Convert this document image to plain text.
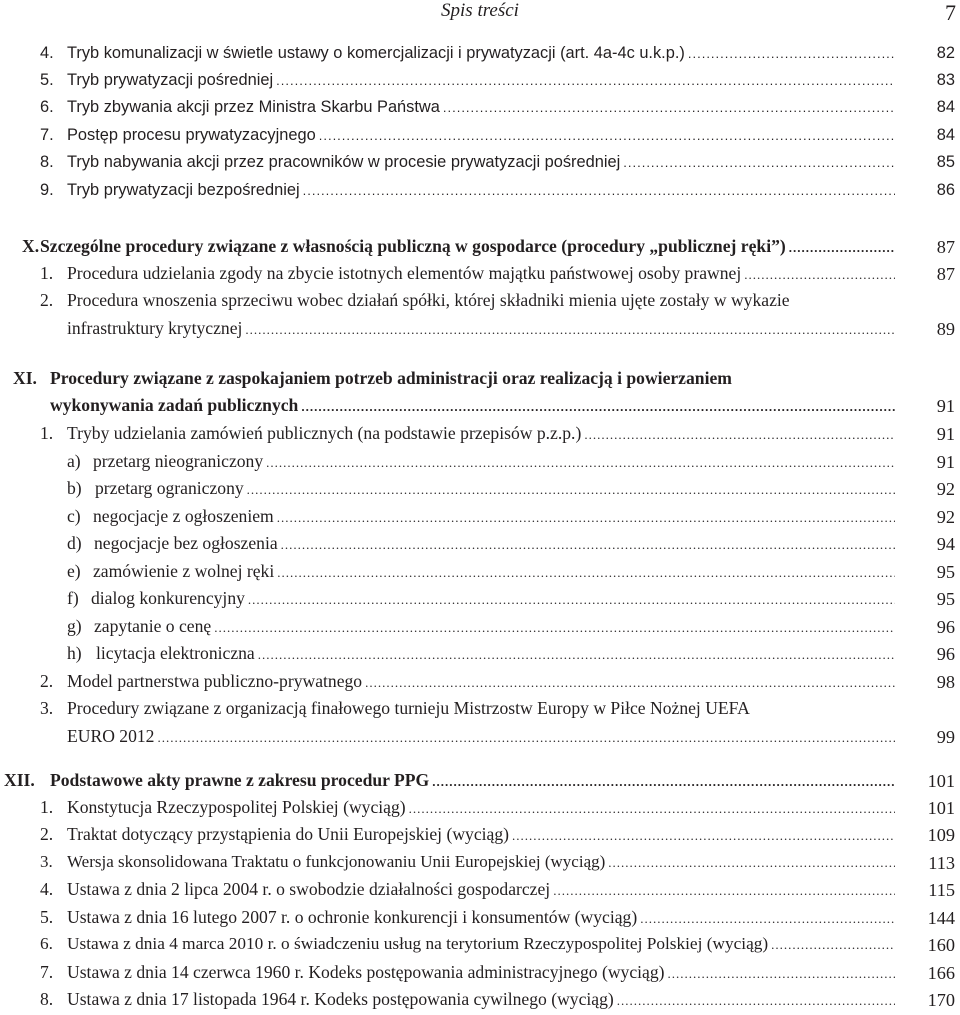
Spis treści	7
4. Tryb komunalizacji w świetle ustawy o komercjalizacji i prywatyzacji (art. 4a-4c u.k.p.) .....	82
5. Tryb prywatyzacji pośredniej .....	83
6. Tryb zbywania akcji przez Ministra Skarbu Państwa .....	84
7. Postęp procesu prywatyzacyjnego .....	84
8. Tryb nabywania akcji przez pracowników w procesie prywatyzacji pośredniej .....	85
9. Tryb prywatyzacji bezpośredniej .....	86
X. Szczególne procedury związane z własnością publiczną w gospodarce (procedury „publicznej ręki”) .....	87
1. Procedura udzielania zgody na zbycie istotnych elementów majątku państwowej osoby prawnej .....	87
2. Procedura wnoszenia sprzeciwu wobec działań spółki, której składniki mienia ujęte zostały w wykazie
infrastruktury krytycznej .....	89
XI. Procedury związane z zaspokajaniem potrzeb administracji oraz realizacją i powierzaniem
wykonywania zadań publicznych .....	91
1. Tryby udzielania zamówień publicznych (na podstawie przepisów p.z.p.) .....	91
a) przetarg nieograniczony .....	91
b) przetarg ograniczony .....	92
c) negocjacje z ogłoszeniem .....	92
d) negocjacje bez ogłoszenia .....	94
e) zamówienie z wolnej ręki .....	95
f) dialog konkurencyjny .....	95
g) zapytanie o cenę .....	96
h) licytacja elektroniczna .....	96
2. Model partnerstwa publiczno-prywatnego .....	98
3. Procedury związane z organizacją finałowego turnieju Mistrzostw Europy w Piłce Nożnej UEFA
EURO 2012 .....	99
XII. Podstawowe akty prawne z zakresu procedur PPG .....	101
1. Konstytucja Rzeczypospolitej Polskiej (wyciąg) .....	101
2. Traktat dotyczący przystąpienia do Unii Europejskiej (wyciąg) .....	109
3. Wersja skonsolidowana Traktatu o funkcjonowaniu Unii Europejskiej (wyciąg) .....	113
4. Ustawa z dnia 2 lipca 2004 r. o swobodzie działalności gospodarczej .....	115
5. Ustawa z dnia 16 lutego 2007 r. o ochronie konkurencji i konsumentów (wyciąg) .....	144
6. Ustawa z dnia 4 marca 2010 r. o świadczeniu usług na terytorium Rzeczypospolitej Polskiej (wyciąg) .....	160
7. Ustawa z dnia 14 czerwca 1960 r. Kodeks postępowania administracyjnego (wyciąg) .....	166
8. Ustawa z dnia 17 listopada 1964 r. Kodeks postępowania cywilnego (wyciąg) .....	170
